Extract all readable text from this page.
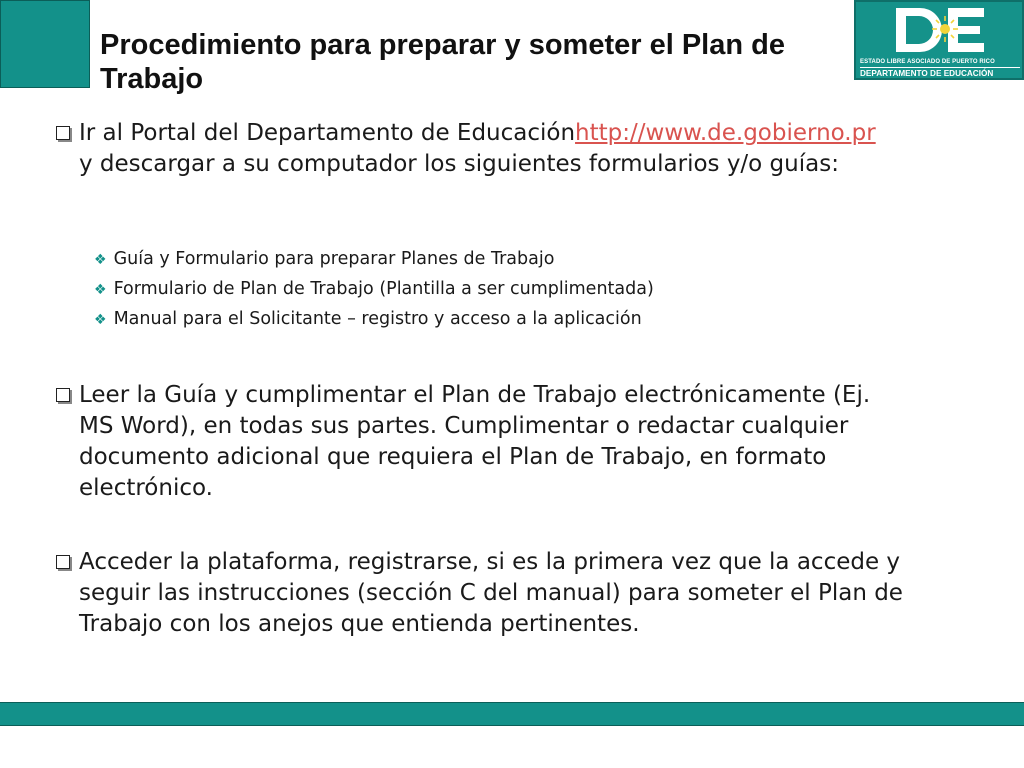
Procedimiento para preparar y someter el Plan de Trabajo
ESTADO LIBRE ASOCIADO DE PUERTO RICO
DEPARTAMENTO DE EDUCACIÓN
Ir al Portal del Departamento de Educaciónhttp://www.de.gobierno.pr  y descargar a su computador los siguientes formularios y/o guías:
❖ Guía y Formulario para preparar Planes de Trabajo
❖ Formulario de Plan de Trabajo (Plantilla a ser cumplimentada)
❖ Manual para el Solicitante – registro y acceso a la aplicación
Leer la Guía y cumplimentar el Plan de Trabajo electrónicamente (Ej. MS Word), en todas sus partes. Cumplimentar o redactar cualquier documento adicional que requiera el Plan de Trabajo, en formato electrónico.
Acceder la plataforma, registrarse, si es la primera vez que la accede y seguir las instrucciones (sección C del manual) para someter el Plan de Trabajo con los anejos que entienda pertinentes.
